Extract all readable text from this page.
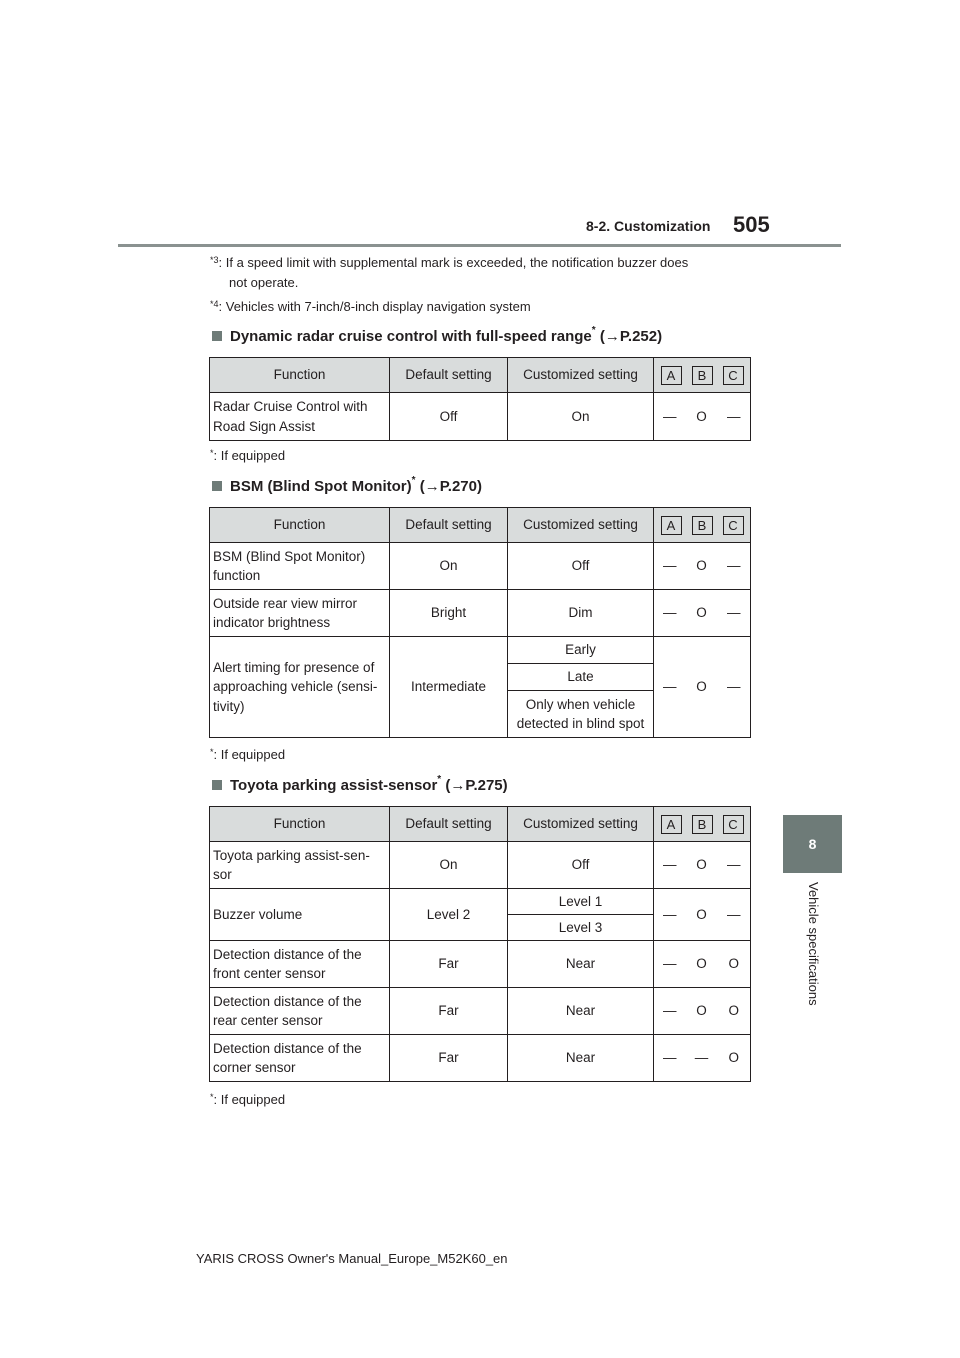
8-2. Customization 505
8
Vehicle specifications
$^{*3}$: If a speed limit with supplemental mark is exceeded, the notification buzzer does
not operate.
$^{*4}$: Vehicles with 7-inch/8-inch display navigation system
Dynamic radar cruise control with full-speed range* (→P.252)
Function	Default setting	Customized setting	A B C		

Radar Cruise Control with
Road Sign Assist	Off	On	—	O	—
*: If equipped
BSM (Blind Spot Monitor)* (→P.270)
Function	Default setting	Customized setting	A B C		

BSM (Blind Spot Monitor)
function	On	Off	—	O	—
Outside rear view mirror
indicator brightness	Bright	Dim	—	O	—
Alert timing for presence of
approaching vehicle (sensi-
tivity)	Intermediate	Early	—	O	—
		Late			
		Only when vehicle
detected in blind spot			
*: If equipped
Toyota parking assist-sensor* (→P.275)
Function	Default setting	Customized setting	A B C		

Toyota parking assist-sen-
sor	On	Off	—	O	—
Buzzer volume	Level 2	Level 1	—	O	—
		Level 3			
Detection distance of the
front center sensor	Far	Near	—	O	O
Detection distance of the
rear center sensor	Far	Near	—	O	O
Detection distance of the
corner sensor	Far	Near	—	—	O
*: If equipped
YARIS CROSS Owner's Manual_Europe_M52K60_en
